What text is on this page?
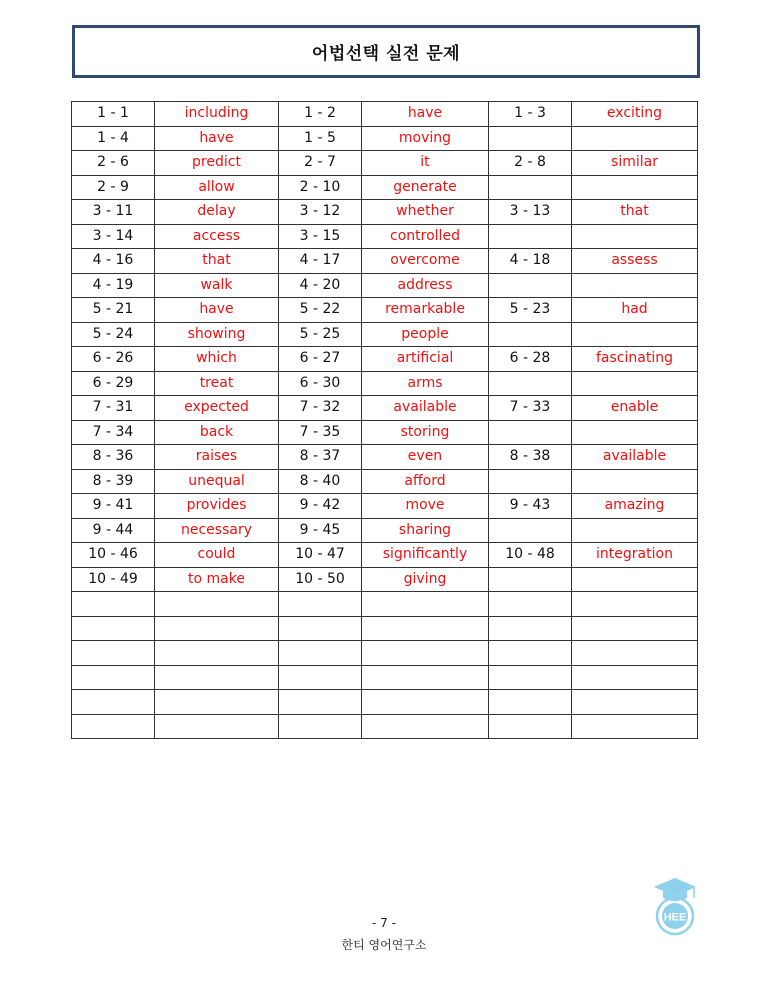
어법선택 실전 문제
1 - 1	including	1 - 2	have	1 - 3	exciting
1 - 4	have	1 - 5	moving		
2 - 6	predict	2 - 7	it	2 - 8	similar
2 - 9	allow	2 - 10	generate		
3 - 11	delay	3 - 12	whether	3 - 13	that
3 - 14	access	3 - 15	controlled		
4 - 16	that	4 - 17	overcome	4 - 18	assess
4 - 19	walk	4 - 20	address		
5 - 21	have	5 - 22	remarkable	5 - 23	had
5 - 24	showing	5 - 25	people		
6 - 26	which	6 - 27	artificial	6 - 28	fascinating
6 - 29	treat	6 - 30	arms		
7 - 31	expected	7 - 32	available	7 - 33	enable
7 - 34	back	7 - 35	storing		
8 - 36	raises	8 - 37	even	8 - 38	available
8 - 39	unequal	8 - 40	afford		
9 - 41	provides	9 - 42	move	9 - 43	amazing
9 - 44	necessary	9 - 45	sharing		
10 - 46	could	10 - 47	significantly	10 - 48	integration
10 - 49	to make	10 - 50	giving		

- 7 -
한티 영어연구소
HEE
